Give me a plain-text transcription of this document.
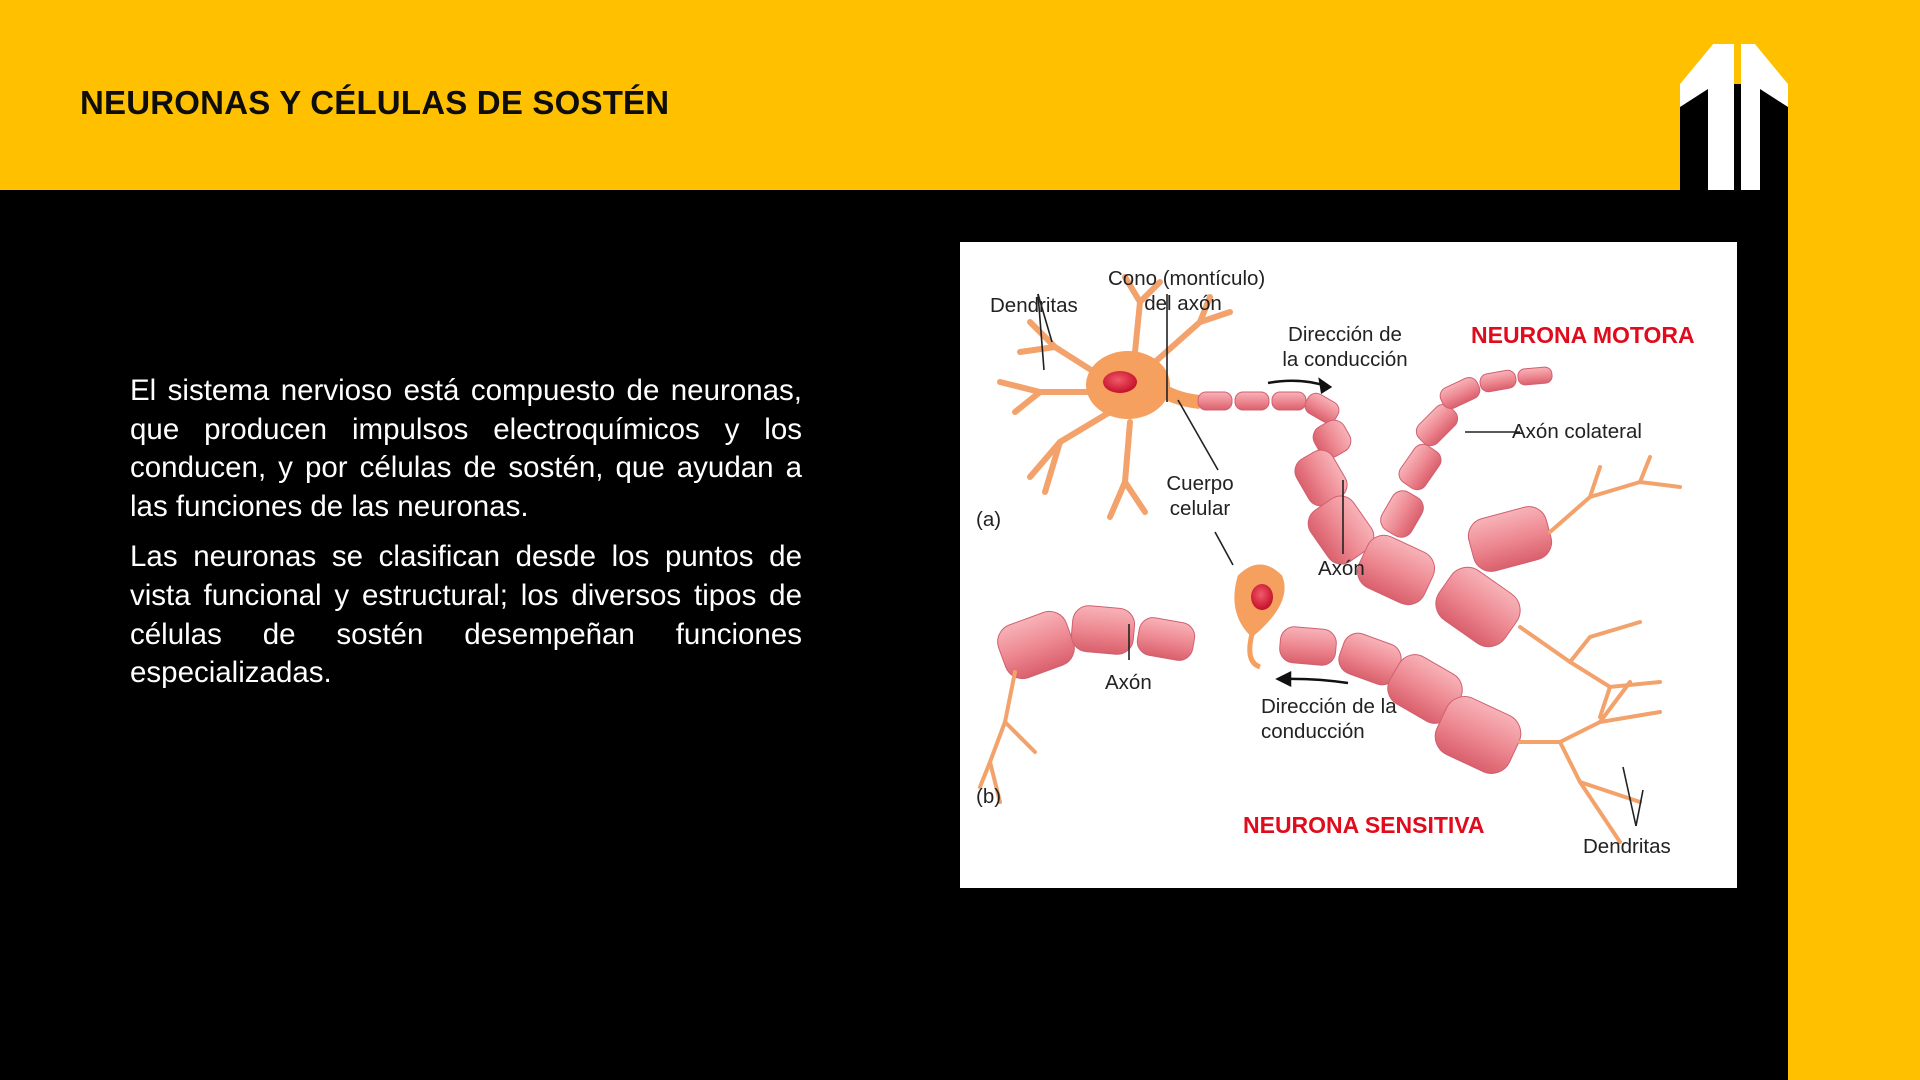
NEURONAS Y CÉLULAS DE SOSTÉN

El sistema nervioso está compuesto de neuronas, que producen impulsos electroquímicos y los conducen, y por células de sostén, que ayudan a las funciones de las neuronas.

Las neuronas se clasifican desde los puntos de vista funcional y estructural; los diversos tipos de células de sostén desempeñan funciones especializadas.

Dendritas
Cono (montículo)
del axón
Dirección de
la conducción
NEURONA MOTORA
Axón colateral
Cuerpo
celular
(a)
Axón
Axón
Dirección de la
conducción
(b)
NEURONA SENSITIVA
Dendritas
